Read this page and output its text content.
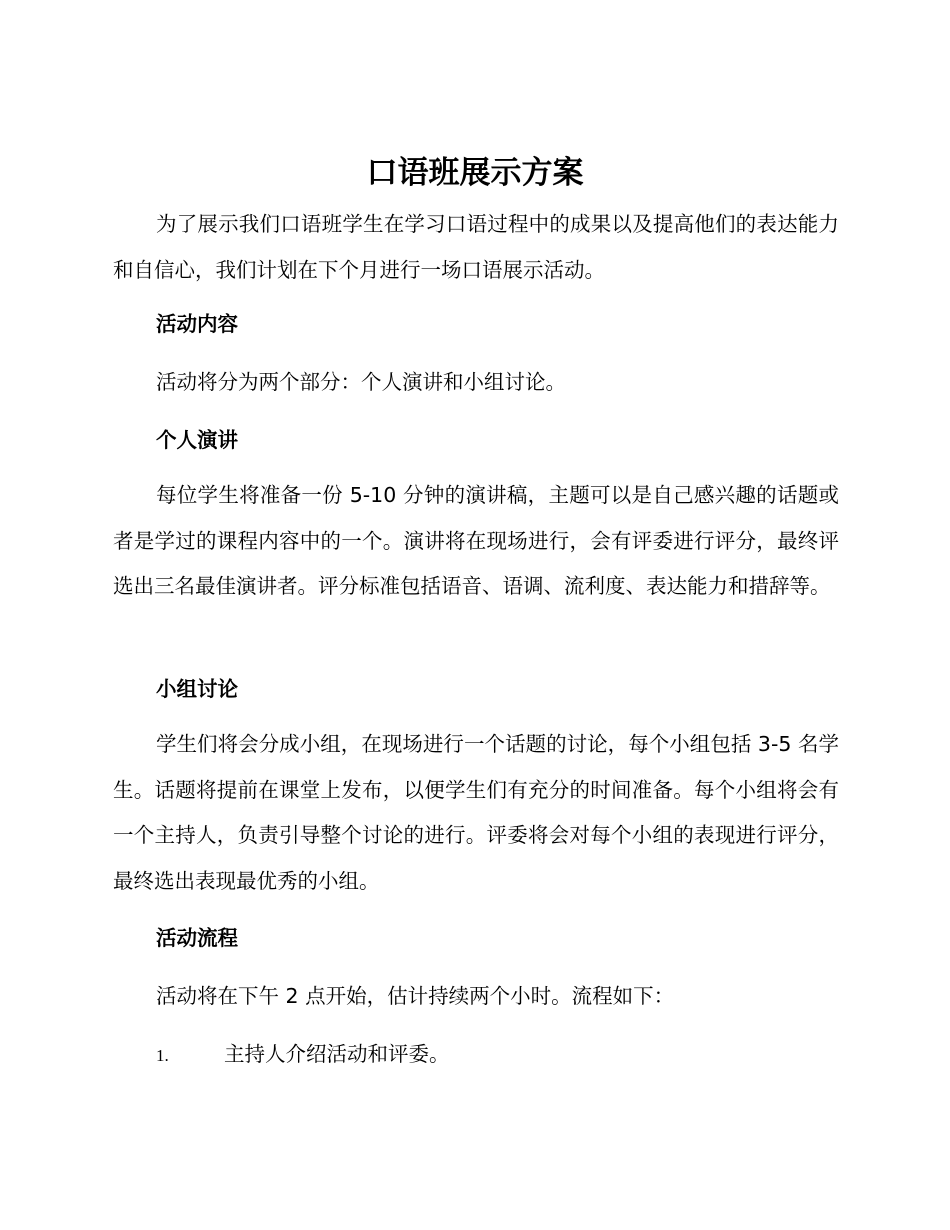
口语班展示方案

为了展示我们口语班学生在学习口语过程中的成果以及提高他们的表达能力和自信心，我们计划在下个月进行一场口语展示活动。

活动内容

活动将分为两个部分：个人演讲和小组讨论。

个人演讲

每位学生将准备一份 5-10 分钟的演讲稿，主题可以是自己感兴趣的话题或者是学过的课程内容中的一个。演讲将在现场进行，会有评委进行评分，最终评选出三名最佳演讲者。评分标准包括语音、语调、流利度、表达能力和措辞等。

小组讨论

学生们将会分成小组，在现场进行一个话题的讨论，每个小组包括 3-5 名学生。话题将提前在课堂上发布，以便学生们有充分的时间准备。每个小组将会有一个主持人，负责引导整个讨论的进行。评委将会对每个小组的表现进行评分，最终选出表现最优秀的小组。

活动流程

活动将在下午 2 点开始，估计持续两个小时。流程如下：

1.	主持人介绍活动和评委。
